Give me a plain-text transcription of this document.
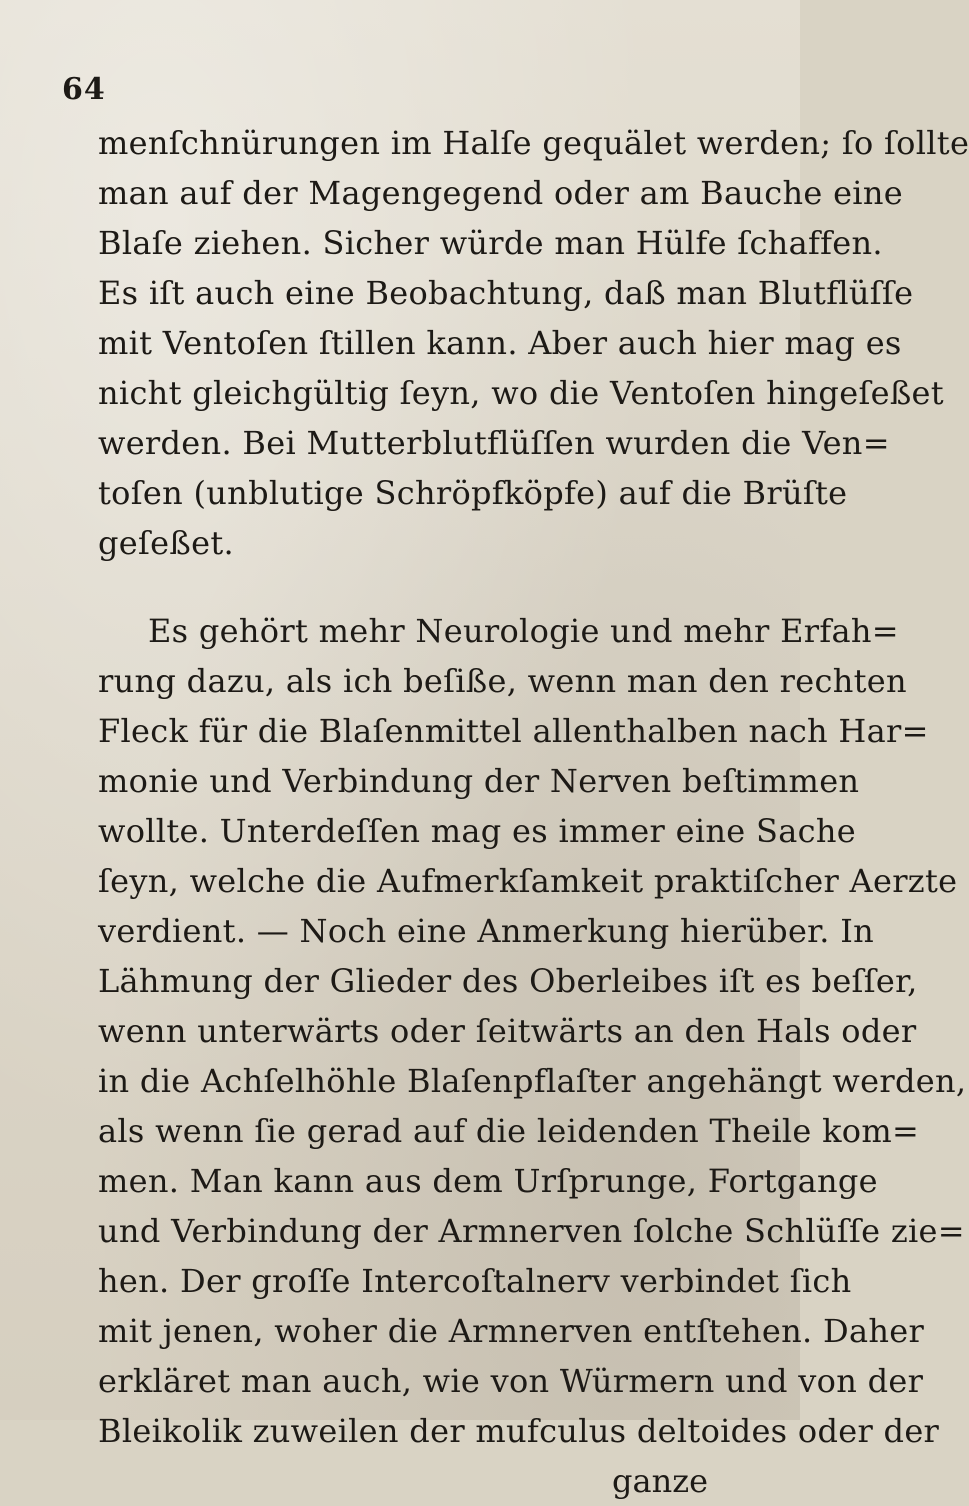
64
menſchnürungen im Halſe gequälet werden; ſo ſollte
man auf der Magengegend oder am Bauche eine
Blaſe ziehen. Sicher würde man Hülfe ſchaffen.
Es iſt auch eine Beobachtung, daß man Blutflüſſe
mit Ventoſen ſtillen kann. Aber auch hier mag es
nicht gleichgültig ſeyn, wo die Ventoſen hingeſeßet
werden. Bei Mutterblutflüſſen wurden die Ven=
toſen (unblutige Schröpfköpfe) auf die Brüſte
geſeßet.
Es gehört mehr Neurologie und mehr Erfah=
rung dazu, als ich beſiße, wenn man den rechten
Fleck für die Blaſenmittel allenthalben nach Har=
monie und Verbindung der Nerven beſtimmen
wollte. Unterdeſſen mag es immer eine Sache
ſeyn, welche die Aufmerkſamkeit praktiſcher Aerzte
verdient. — Noch eine Anmerkung hierüber. In
Lähmung der Glieder des Oberleibes iſt es beſſer,
wenn unterwärts oder ſeitwärts an den Hals oder
in die Achſelhöhle Blaſenpflaſter angehängt werden,
als wenn ſie gerad auf die leidenden Theile kom=
men. Man kann aus dem Urſprunge, Fortgange
und Verbindung der Armnerven ſolche Schlüſſe zie=
hen. Der groſſe Intercoſtalnerv verbindet ſich
mit jenen, woher die Armnerven entſtehen. Daher
erkläret man auch, wie von Würmern und von der
Bleikolik zuweilen der mufculus deltoides oder der
ganze
